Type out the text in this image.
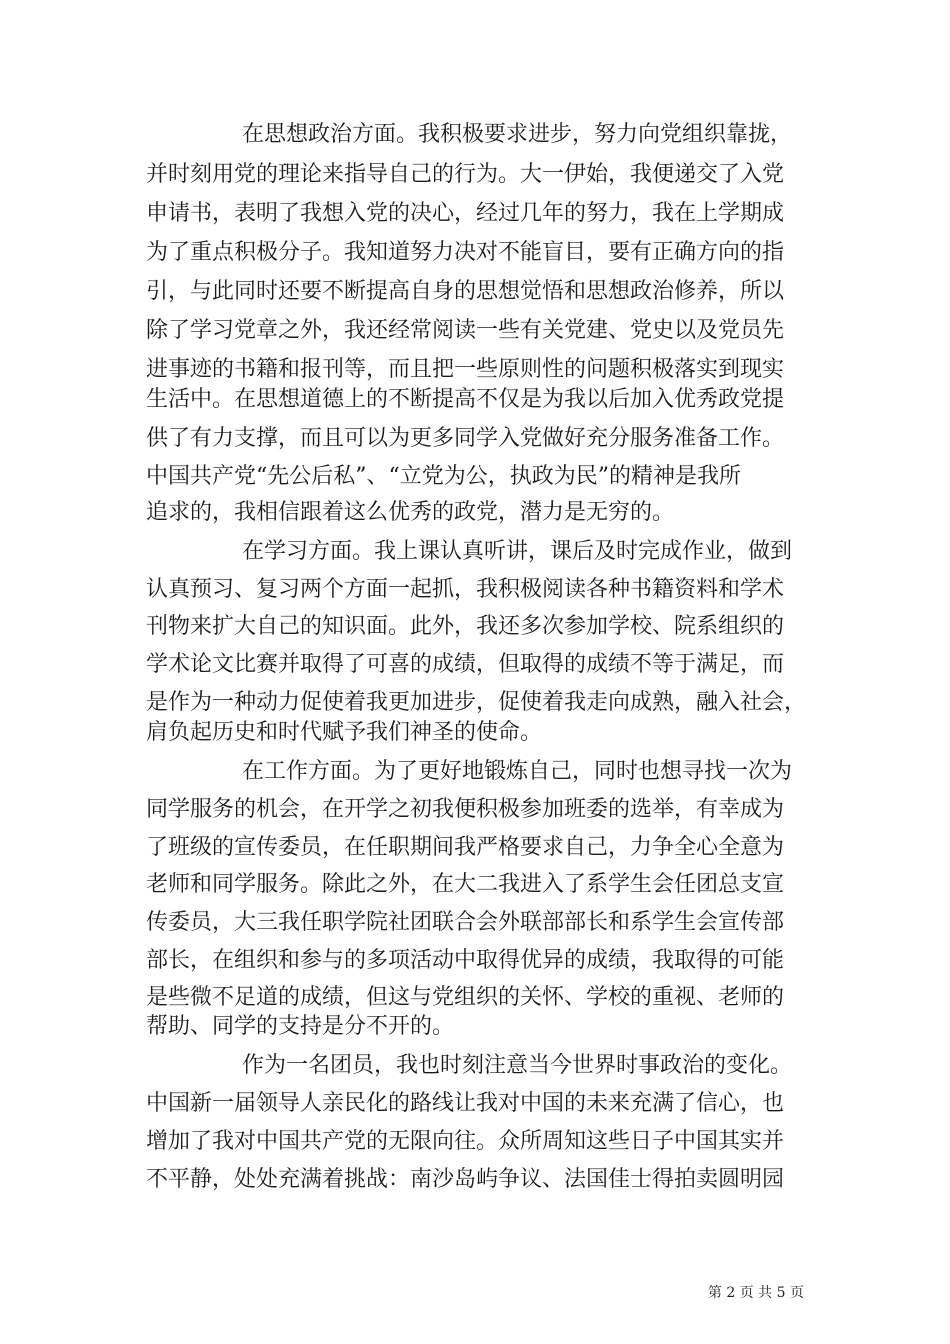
在思想政治方面。我积极要求进步，努力向党组织靠拢，
并时刻用党的理论来指导自己的行为。大一伊始，我便递交了入党
申请书，表明了我想入党的决心，经过几年的努力，我在上学期成
为了重点积极分子。我知道努力决对不能盲目，要有正确方向的指
引，与此同时还要不断提高自身的思想觉悟和思想政治修养，所以
除了学习党章之外，我还经常阅读一些有关党建、党史以及党员先
进事迹的书籍和报刊等，而且把一些原则性的问题积极落实到现实
生活中。在思想道德上的不断提高不仅是为我以后加入优秀政党提
供了有力支撑，而且可以为更多同学入党做好充分服务准备工作。
中国共产党“先公后私”、“立党为公，执政为民”的精神是我所
追求的，我相信跟着这么优秀的政党，潜力是无穷的。
在学习方面。我上课认真听讲，课后及时完成作业，做到
认真预习、复习两个方面一起抓，我积极阅读各种书籍资料和学术
刊物来扩大自己的知识面。此外，我还多次参加学校、院系组织的
学术论文比赛并取得了可喜的成绩，但取得的成绩不等于满足，而
是作为一种动力促使着我更加进步，促使着我走向成熟，融入社会，
肩负起历史和时代赋予我们神圣的使命。
在工作方面。为了更好地锻炼自己，同时也想寻找一次为
同学服务的机会，在开学之初我便积极参加班委的选举，有幸成为
了班级的宣传委员，在任职期间我严格要求自己，力争全心全意为
老师和同学服务。除此之外，在大二我进入了系学生会任团总支宣
传委员，大三我任职学院社团联合会外联部部长和系学生会宣传部
部长，在组织和参与的多项活动中取得优异的成绩，我取得的可能
是些微不足道的成绩，但这与党组织的关怀、学校的重视、老师的
帮助、同学的支持是分不开的。
作为一名团员，我也时刻注意当今世界时事政治的变化。
中国新一届领导人亲民化的路线让我对中国的未来充满了信心，也
增加了我对中国共产党的无限向往。众所周知这些日子中国其实并
不平静，处处充满着挑战：南沙岛屿争议、法国佳士得拍卖圆明园
第 2 页 共 5 页
